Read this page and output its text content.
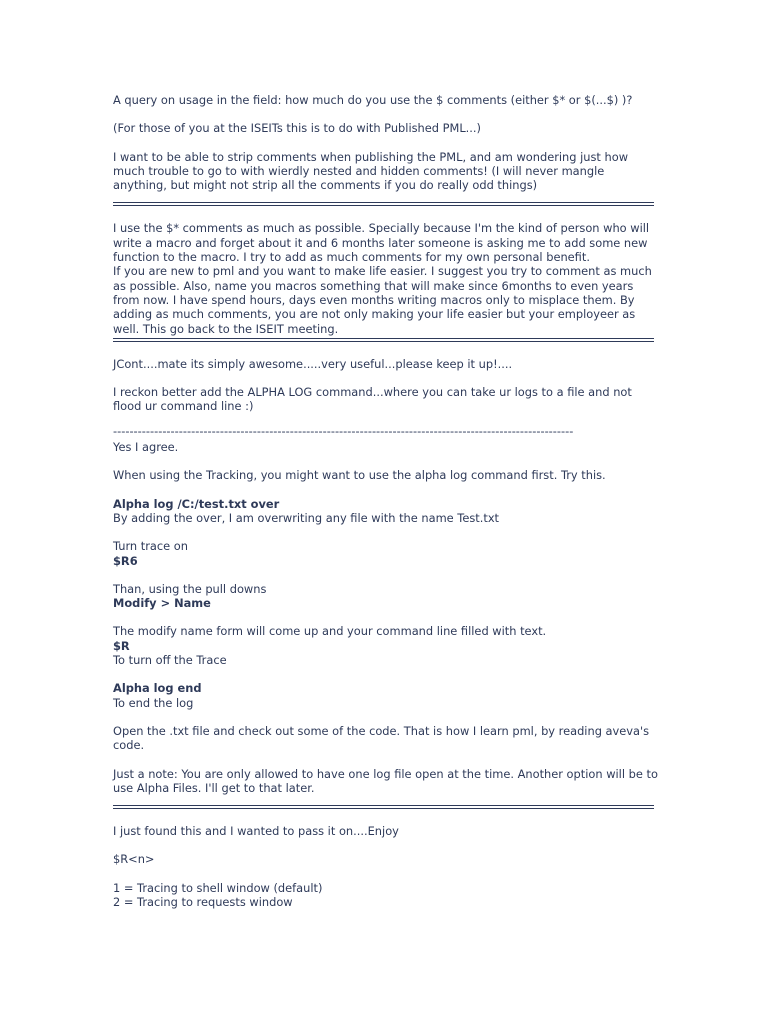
A query on usage in the field: how much do you use the $ comments (either $* or $(...$) )?

(For those of you at the ISEITs this is to do with Published PML...)

I want to be able to strip comments when publishing the PML, and am wondering just how much trouble to go to with wierdly nested and hidden comments! (I will never mangle anything, but might not strip all the comments if you do really odd things)

I use the $* comments as much as possible. Specially because I'm the kind of person who will write a macro and forget about it and 6 months later someone is asking me to add some new function to the macro. I try to add as much comments for my own personal benefit.

If you are new to pml and you want to make life easier. I suggest you try to comment as much as possible. Also, name you macros something that will make since 6months to even years from now. I have spend hours, days even months writing macros only to misplace them. By adding as much comments, you are not only making your life easier but your employeer as well. This go back to the ISEIT meeting.

JCont....mate its simply awesome.....very useful...please keep it up!....

I reckon better add the ALPHA LOG command...where you can take ur logs to a file and not flood ur command line :)

----------------------------------------------------------------------------------------------------------------

Yes I agree.

When using the Tracking, you might want to use the alpha log command first. Try this.

Alpha log /C:/test.txt over
By adding the over, I am overwriting any file with the name Test.txt

Turn trace on
$R6

Than, using the pull downs
Modify > Name

The modify name form will come up and your command line filled with text.
$R
To turn off the Trace

Alpha log end
To end the log

Open the .txt file and check out some of the code. That is how I learn pml, by reading aveva's code.

Just a note: You are only allowed to have one log file open at the time. Another option will be to use Alpha Files. I'll get to that later.

I just found this and I wanted to pass it on....Enjoy

$R<n>

1 = Tracing to shell window (default)
2 = Tracing to requests window
